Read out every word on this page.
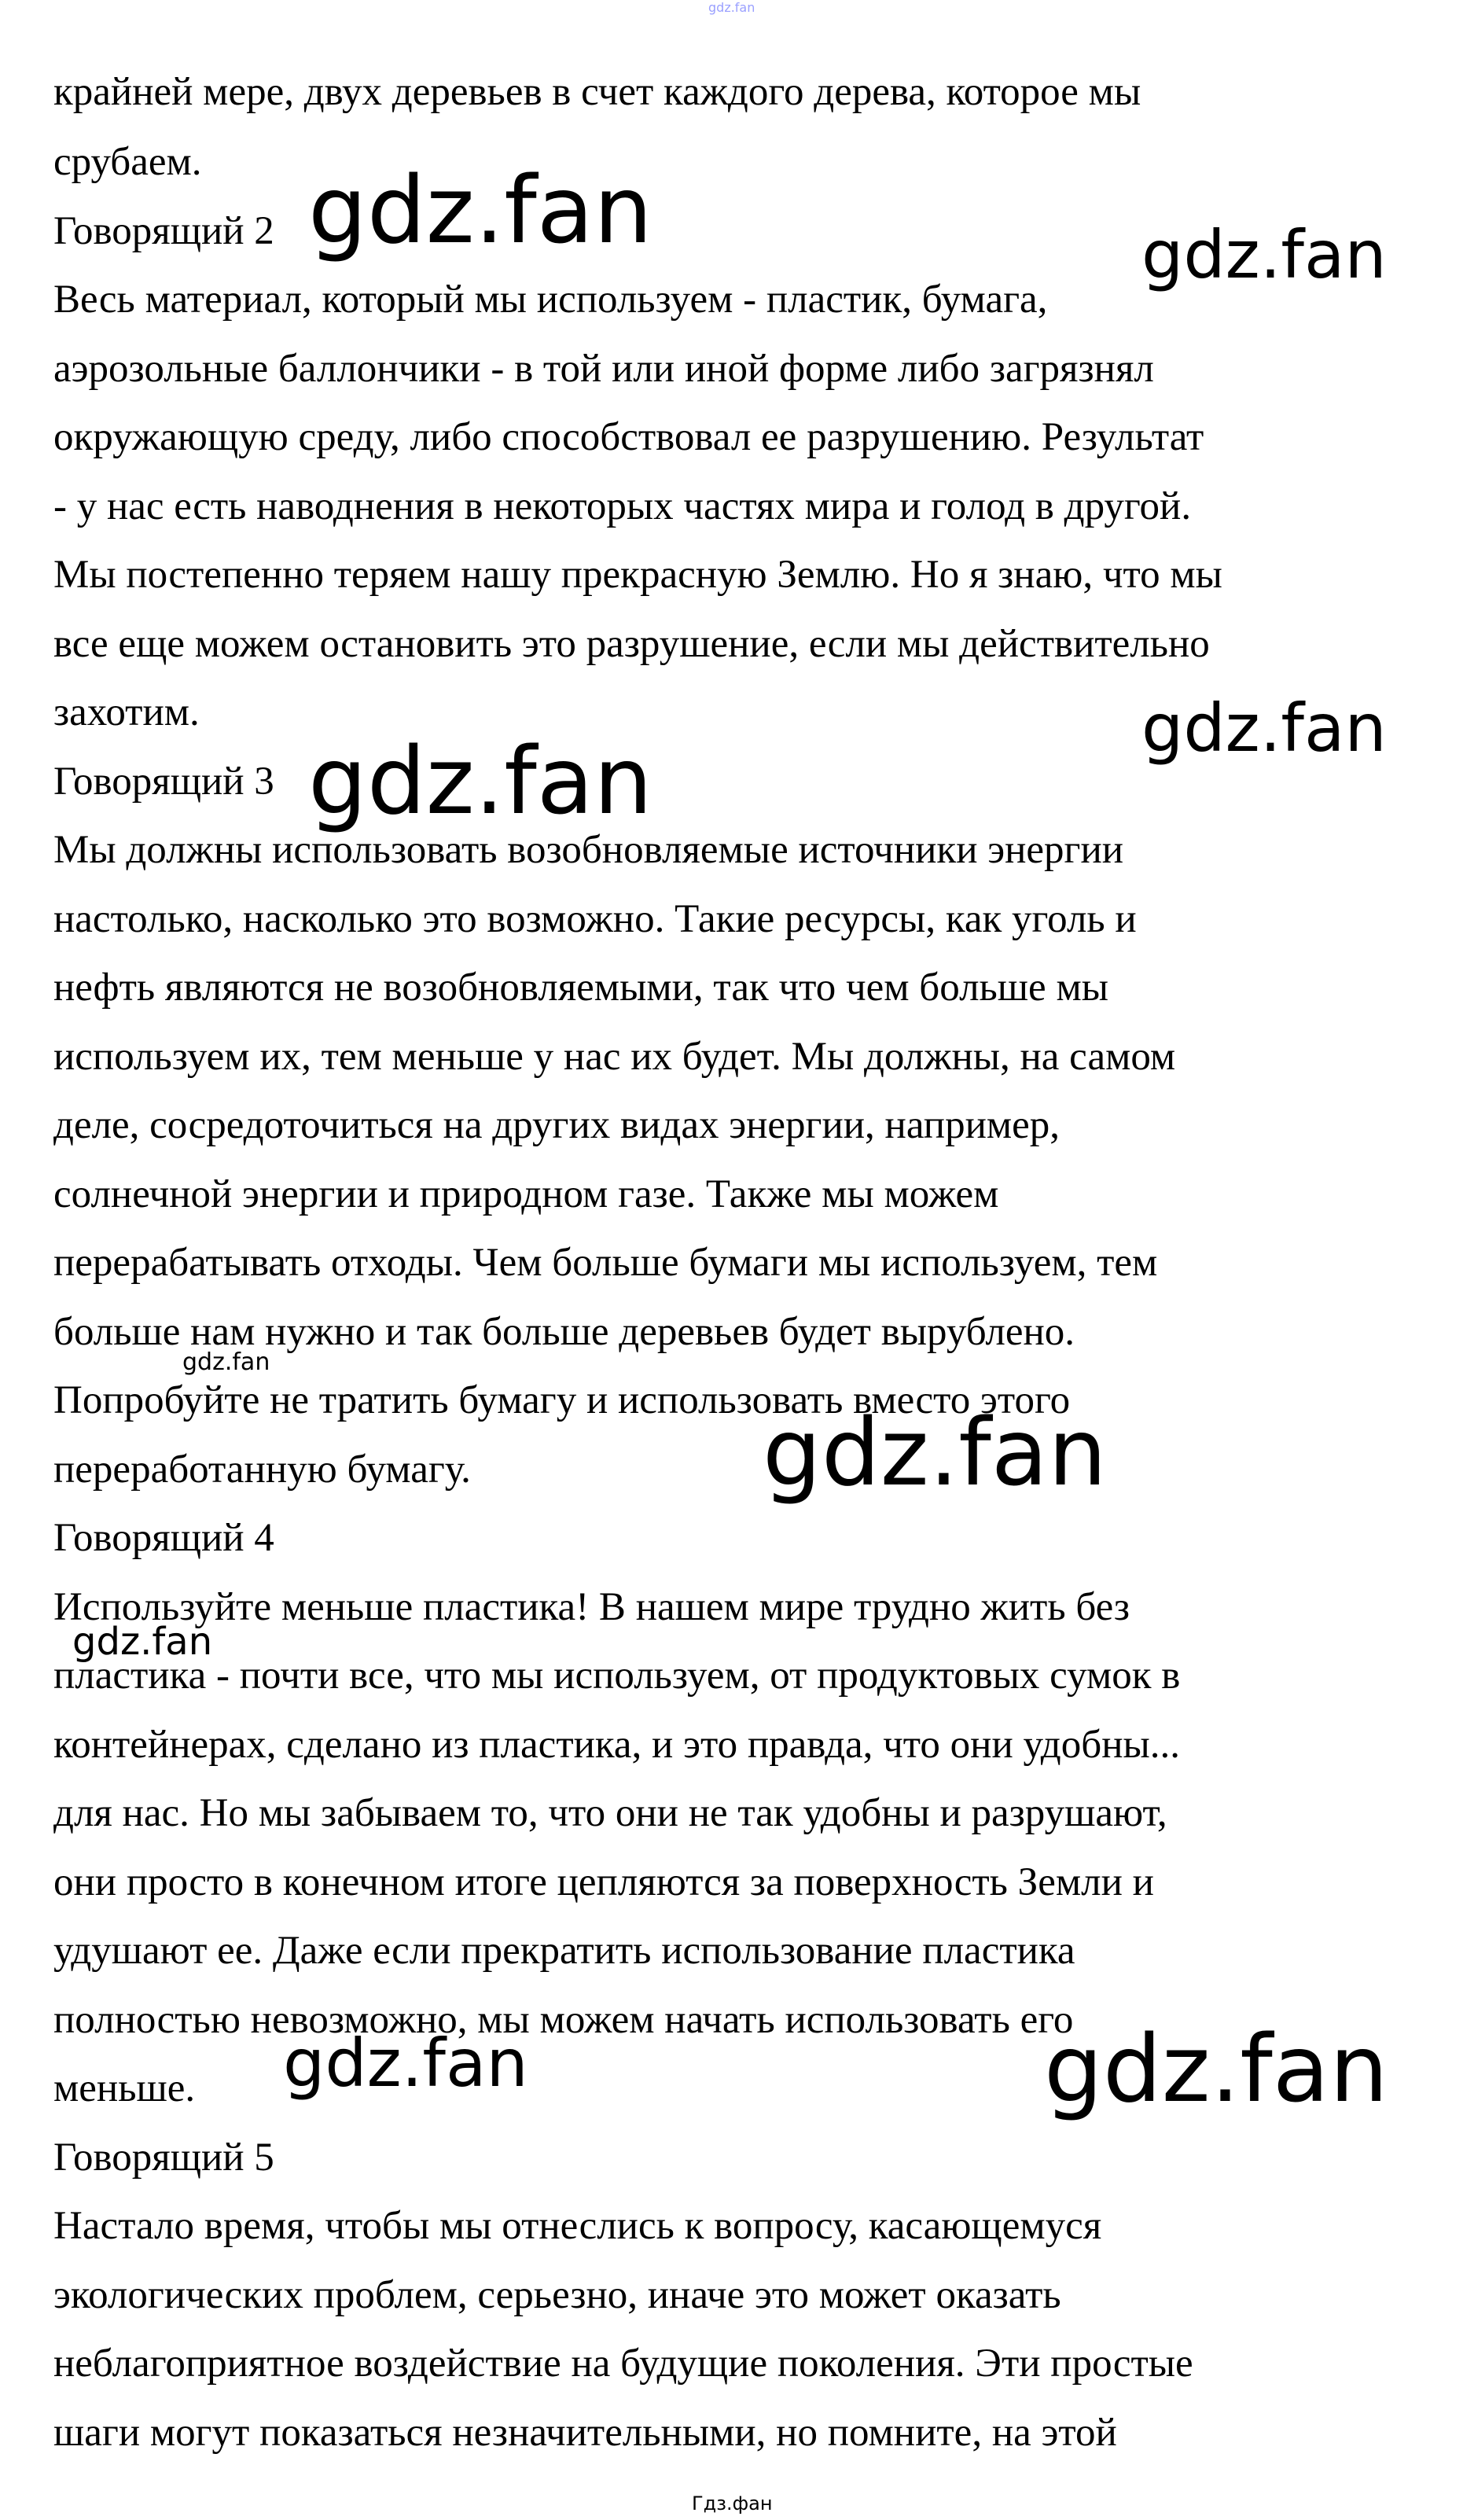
gdz.fan
крайней мере, двух деревьев в счет каждого дерева, которое мы
срубаем.
Говорящий 2
Весь материал, который мы используем - пластик, бумага,
аэрозольные баллончики - в той или иной форме либо загрязнял
окружающую среду, либо способствовал ее разрушению. Результат
- у нас есть наводнения в некоторых частях мира и голод в другой.
Мы постепенно теряем нашу прекрасную Землю. Но я знаю, что мы
все еще можем остановить это разрушение, если мы действительно
захотим.
Говорящий 3
Мы должны использовать возобновляемые источники энергии
настолько, насколько это возможно. Такие ресурсы, как уголь и
нефть являются не возобновляемыми, так что чем больше мы
используем их, тем меньше у нас их будет. Мы должны, на самом
деле, сосредоточиться на других видах энергии, например,
солнечной энергии и природном газе. Также мы можем
перерабатывать отходы. Чем больше бумаги мы используем, тем
больше нам нужно и так больше деревьев будет вырублено.
Попробуйте не тратить бумагу и использовать вместо этого
переработанную бумагу.
Говорящий 4
Используйте меньше пластика! В нашем мире трудно жить без
пластика - почти все, что мы используем, от продуктовых сумок в
контейнерах, сделано из пластика, и это правда, что они удобны...
для нас. Но мы забываем то, что они не так удобны и разрушают,
они просто в конечном итоге цепляются за поверхность Земли и
удушают ее. Даже если прекратить использование пластика
полностью невозможно, мы можем начать использовать его
меньше.
Говорящий 5
Настало время, чтобы мы отнеслись к вопросу, касающемуся
экологических проблем, серьезно, иначе это может оказать
неблагоприятное воздействие на будущие поколения. Эти простые
шаги могут показаться незначительными, но помните, на этой
gdz.fan	gdz.fan
gdz.fan
gdz.fan
gdz.fan
gdz.fan
gdz.fan
gdz.fan	gdz.fan
Гдз.фан
